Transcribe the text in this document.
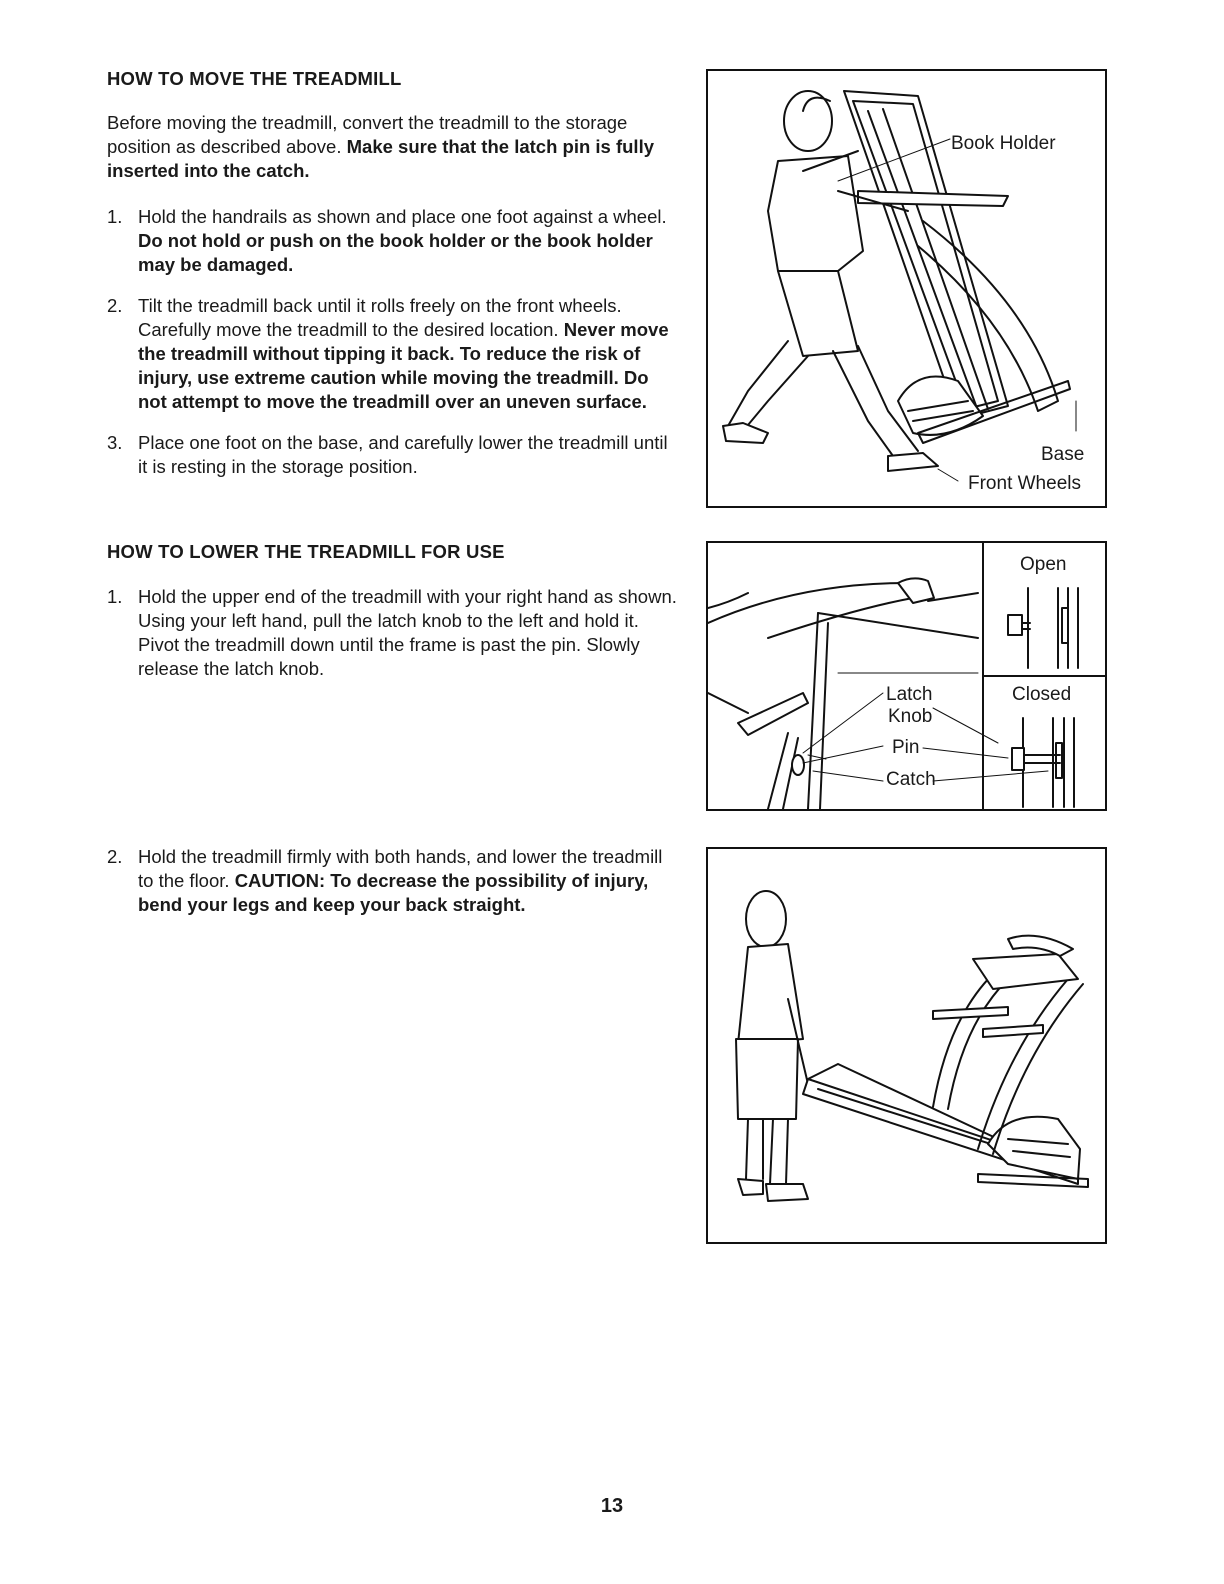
HOW TO MOVE THE TREADMILL

Before moving the treadmill, convert the treadmill to the storage position as described above. Make sure that the latch pin is fully inserted into the catch.

1. Hold the handrails as shown and place one foot against a wheel. Do not hold or push on the book holder or the book holder may be damaged.
2. Tilt the treadmill back until it rolls freely on the front wheels. Carefully move the treadmill to the desired location. Never move the treadmill without tipping it back. To reduce the risk of injury, use extreme caution while moving the treadmill. Do not attempt to move the treadmill over an uneven surface.
3. Place one foot on the base, and carefully lower the treadmill until it is resting in the storage position.
HOW TO LOWER THE TREADMILL FOR USE
1. Hold the upper end of the treadmill with your right hand as shown. Using your left hand, pull the latch knob to the left and hold it. Pivot the treadmill down until the frame is past the pin. Slowly release the latch knob.
2. Hold the treadmill firmly with both hands, and lower the treadmill to the floor. CAUTION: To decrease the possibility of injury, bend your legs and keep your back straight.
Book Holder
Base
Front Wheels
Open
Closed
Latch
Knob
Pin
Catch
13
